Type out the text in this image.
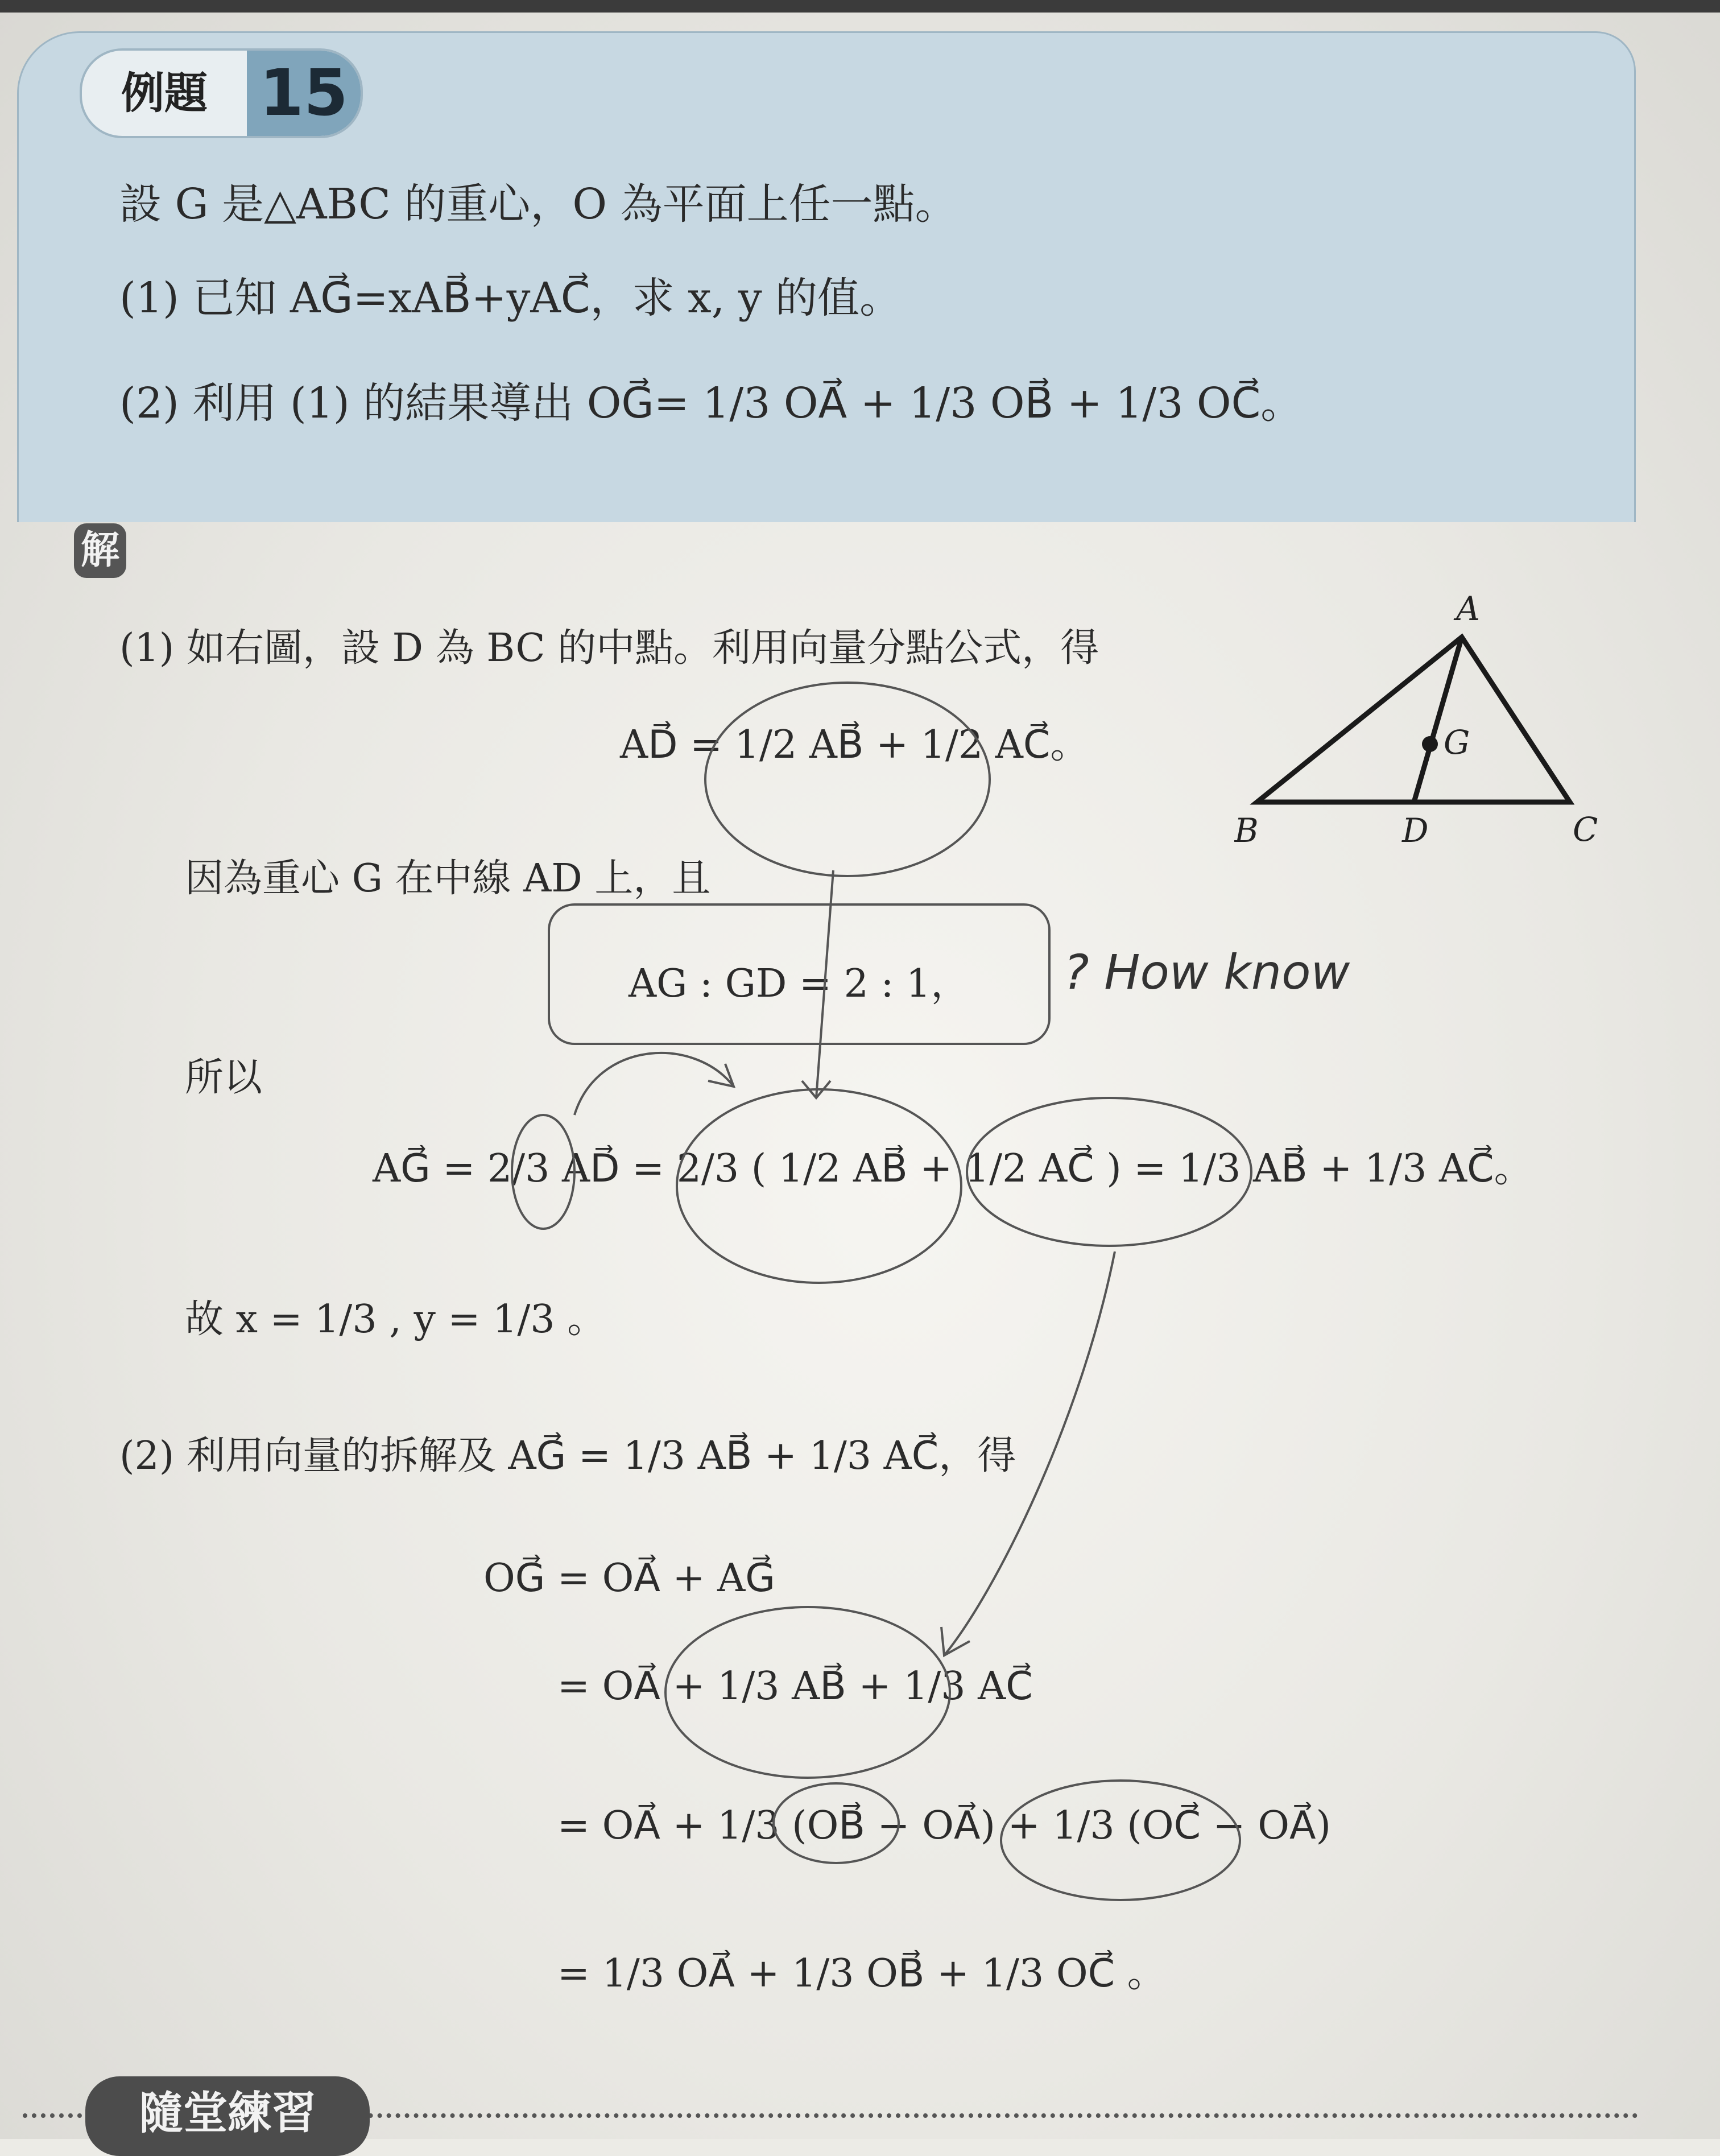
例題 15
設 G 是△ABC 的重心，O 為平面上任一點。
(1) 已知 AG⃗=xAB⃗+yAC⃗，求 x, y 的值。
(2) 利用 (1) 的結果導出 OG⃗= 1/3 OA⃗ + 1/3 OB⃗ + 1/3 OC⃗。
解
(1) 如右圖，設 D 為 BC 的中點。利用向量分點公式，得
AD⃗ = 1/2 AB⃗ + 1/2 AC⃗。
因為重心 G 在中線 AD 上，且
AG : GD = 2 : 1，
所以
AG⃗ = 2/3 AD⃗ = 2/3 ( 1/2 AB⃗ + 1/2 AC⃗ ) = 1/3 AB⃗ + 1/3 AC⃗。
故 x = 1/3 , y = 1/3 。
(2) 利用向量的拆解及 AG⃗ = 1/3 AB⃗ + 1/3 AC⃗，得
OG⃗ = OA⃗ + AG⃗
= OA⃗ + 1/3 AB⃗ + 1/3 AC⃗
= OA⃗ + 1/3 (OB⃗ − OA⃗) + 1/3 (OC⃗ − OA⃗)
= 1/3 OA⃗ + 1/3 OB⃗ + 1/3 OC⃗ 。
A
B	C
D
G
? How know
隨堂練習
